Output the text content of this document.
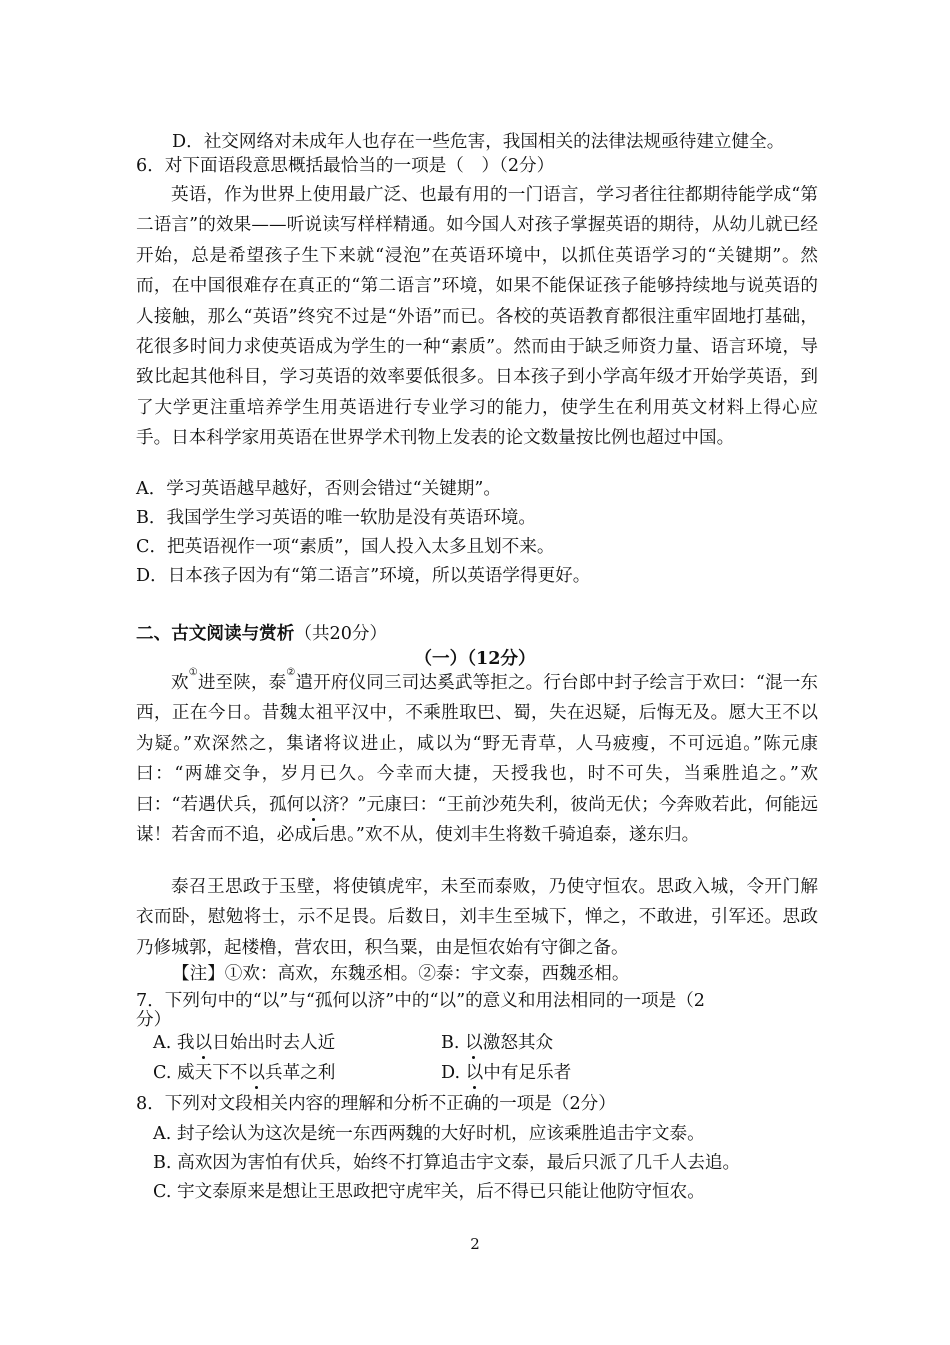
D．社交网络对未成年人也存在一些危害，我国相关的法律法规亟待建立健全。
6．对下面语段意思概括最恰当的一项是（　）（2分）

英语，作为世界上使用最广泛、也最有用的一门语言，学习者往往都期待能学成“第二语言”的效果——听说读写样样精通。如今国人对孩子掌握英语的期待，从幼儿就已经开始，总是希望孩子生下来就“浸泡”在英语环境中，以抓住英语学习的“关键期”。然而，在中国很难存在真正的“第二语言”环境，如果不能保证孩子能够持续地与说英语的人接触，那么“英语”终究不过是“外语”而已。各校的英语教育都很注重牢固地打基础，花很多时间力求使英语成为学生的一种“素质”。然而由于缺乏师资力量、语言环境，导致比起其他科目，学习英语的效率要低很多。日本孩子到小学高年级才开始学英语，到了大学更注重培养学生用英语进行专业学习的能力，使学生在利用英文材料上得心应手。日本科学家用英语在世界学术刊物上发表的论文数量按比例也超过中国。

A．学习英语越早越好，否则会错过“关键期”。
B．我国学生学习英语的唯一软肋是没有英语环境。
C．把英语视作一项“素质”，国人投入太多且划不来。
D．日本孩子因为有“第二语言”环境，所以英语学得更好。
二、古文阅读与赏析（共20分）
（一）（12分）

欢①进至陕，泰②遣开府仪同三司达奚武等拒之。行台郎中封子绘言于欢曰：“混一东西，正在今日。昔魏太祖平汉中，不乘胜取巴、蜀，失在迟疑，后悔无及。愿大王不以为疑。”欢深然之，集诸将议进止，咸以为“野无青草，人马疲瘦，不可远追。”陈元康曰：“两雄交争，岁月已久。今幸而大捷，天授我也，时不可失，当乘胜追之。”欢曰：“若遇伏兵，孤何以济？”元康曰：“王前沙苑失利，彼尚无伏；今奔败若此，何能远谋！若舍而不追，必成后患。”欢不从，使刘丰生将数千骑追泰，遂东归。

泰召王思政于玉壁，将使镇虎牢，未至而泰败，乃使守恒农。思政入城，令开门解衣而卧，慰勉将士，示不足畏。后数日，刘丰生至城下，惮之，不敢进，引军还。思政乃修城郭，起楼橹，营农田，积刍粟，由是恒农始有守御之备。

【注】①欢：高欢，东魏丞相。②泰：宇文泰，西魏丞相。
7．下列句中的“以”与“孤何以济”中的“以”的意义和用法相同的一项是（2
分）
A. 我以日始出时去人近	B. 以激怒其众
C. 威天下不以兵革之利	D. 以中有足乐者
8．下列对文段相关内容的理解和分析不正确的一项是（2分）
A. 封子绘认为这次是统一东西两魏的大好时机，应该乘胜追击宇文泰。
B. 高欢因为害怕有伏兵，始终不打算追击宇文泰，最后只派了几千人去追。
C. 宇文泰原来是想让王思政把守虎牢关，后不得已只能让他防守恒农。
2
